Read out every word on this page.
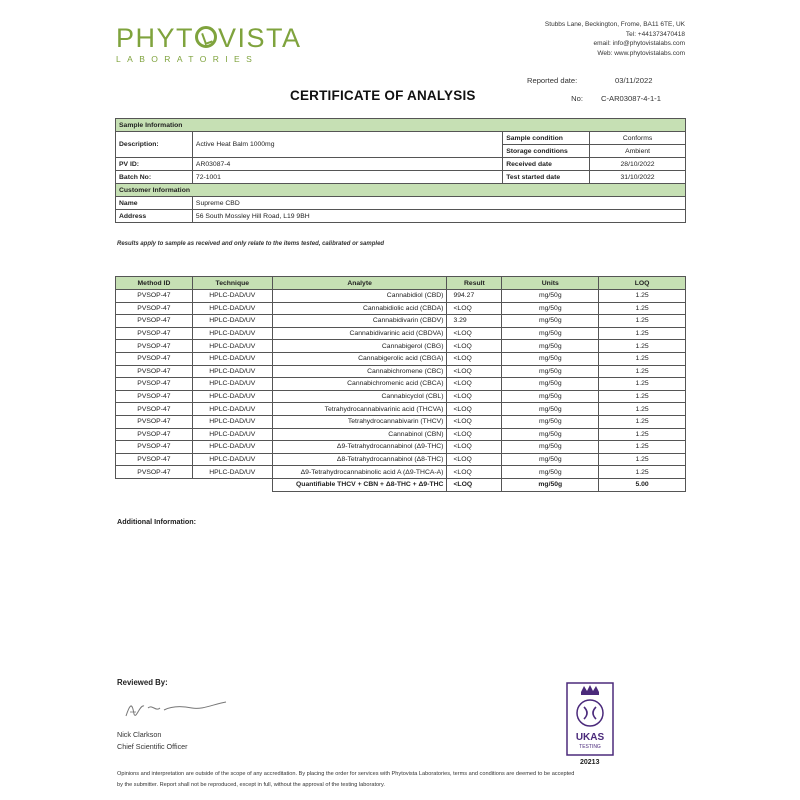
PHYT VISTA
LABORATORIES
Stubbs Lane, Beckington, Frome, BA11 6TE, UK
Tel: +441373470418
email: info@phytovistalabs.com
Web: www.phytovistalabs.com
Reported date:	03/11/2022
No:	C-AR03087-4-1-1
CERTIFICATE OF ANALYSIS
Sample Information			
Description:	Active Heat Balm 1000mg	Sample condition	Conforms
		Storage conditions	Ambient
PV ID:	AR03087-4	Received date	28/10/2022
Batch No:	72-1001	Test started date	31/10/2022
Customer Information			
Name	Supreme CBD		
Address	56 South Mossley Hill Road, L19 9BH		
Results apply to sample as received and only relate to the items tested, calibrated or sampled
Method ID	Technique	Analyte	Result	Units	LOQ
PVSOP-47	HPLC-DAD/UV	Cannabidiol (CBD)	994.27	mg/50g	1.25
PVSOP-47	HPLC-DAD/UV	Cannabidiolic acid (CBDA)	<LOQ	mg/50g	1.25
PVSOP-47	HPLC-DAD/UV	Cannabidivarin (CBDV)	3.29	mg/50g	1.25
PVSOP-47	HPLC-DAD/UV	Cannabidivarinic acid (CBDVA)	<LOQ	mg/50g	1.25
PVSOP-47	HPLC-DAD/UV	Cannabigerol (CBG)	<LOQ	mg/50g	1.25
PVSOP-47	HPLC-DAD/UV	Cannabigerolic acid (CBGA)	<LOQ	mg/50g	1.25
PVSOP-47	HPLC-DAD/UV	Cannabichromene (CBC)	<LOQ	mg/50g	1.25
PVSOP-47	HPLC-DAD/UV	Cannabichromenic acid (CBCA)	<LOQ	mg/50g	1.25
PVSOP-47	HPLC-DAD/UV	Cannabicyclol (CBL)	<LOQ	mg/50g	1.25
PVSOP-47	HPLC-DAD/UV	Tetrahydrocannabivarinic acid (THCVA)	<LOQ	mg/50g	1.25
PVSOP-47	HPLC-DAD/UV	Tetrahydrocannabivarin (THCV)	<LOQ	mg/50g	1.25
PVSOP-47	HPLC-DAD/UV	Cannabinol (CBN)	<LOQ	mg/50g	1.25
PVSOP-47	HPLC-DAD/UV	Δ9-Tetrahydrocannabinol (Δ9-THC)	<LOQ	mg/50g	1.25
PVSOP-47	HPLC-DAD/UV	Δ8-Tetrahydrocannabinol (Δ8-THC)	<LOQ	mg/50g	1.25
PVSOP-47	HPLC-DAD/UV	Δ9-Tetrahydrocannabinolic acid A (Δ9-THCA-A)	<LOQ	mg/50g	1.25
		Quantifiable THCV + CBN + Δ8-THC + Δ9-THC	<LOQ	mg/50g	5.00
Additional Information:
Reviewed By:
Nick Clarkson
Chief Scientific Officer
UKAS
TESTING
20213
Opinions and interpretation are outside of the scope of any accreditation. By placing the order for services with Phytovista Laboratories, terms and conditions are deemed to be accepted
by the submitter. Report shall not be reproduced, except in full, without the approval of the testing laboratory.
